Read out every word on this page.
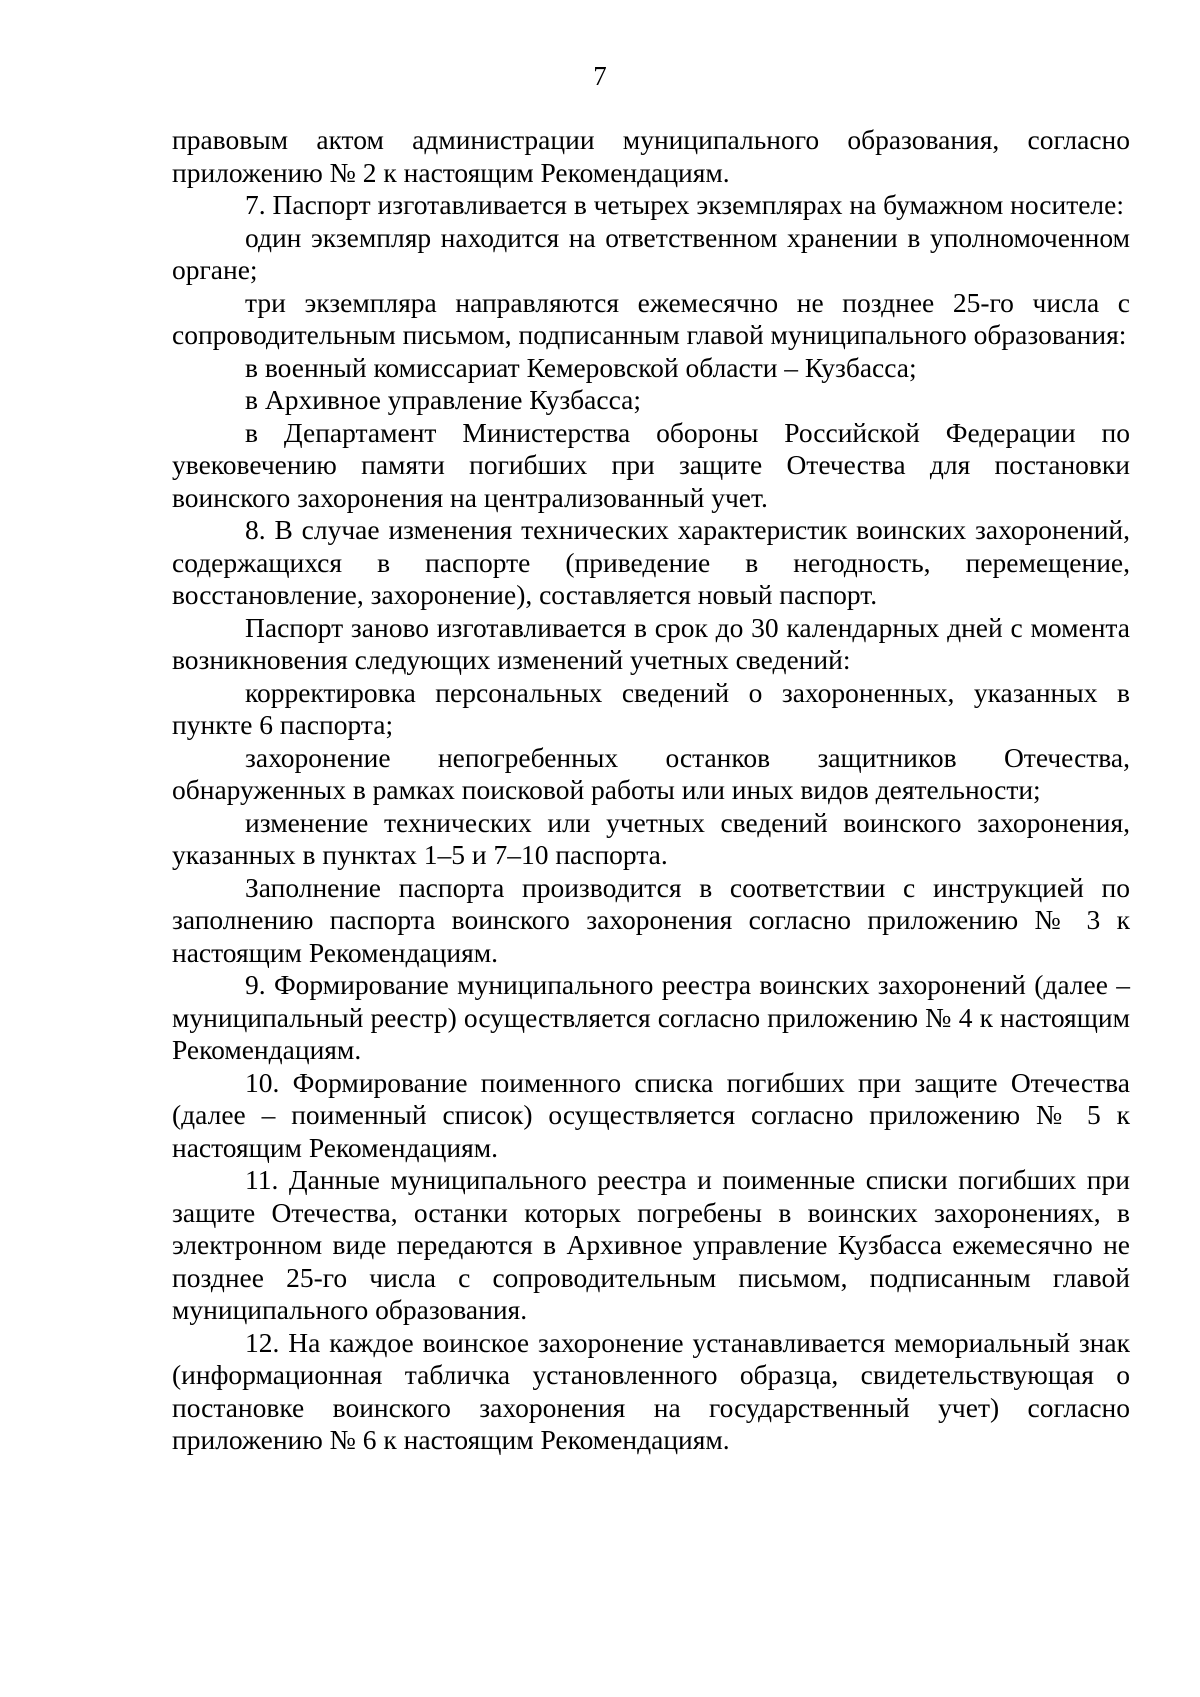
7

правовым актом администрации муниципального образования, согласно приложению № 2 к настоящим Рекомендациям.

7. Паспорт изготавливается в четырех экземплярах на бумажном носителе:

один экземпляр находится на ответственном хранении в уполномоченном органе;

три экземпляра направляются ежемесячно не позднее 25-го числа с сопроводительным письмом, подписанным главой муниципального образования:

в военный комиссариат Кемеровской области – Кузбасса;

в Архивное управление Кузбасса;

в Департамент Министерства обороны Российской Федерации по увековечению памяти погибших при защите Отечества для постановки воинского захоронения на централизованный учет.

8. В случае изменения технических характеристик воинских захоронений, содержащихся в паспорте (приведение в негодность, перемещение, восстановление, захоронение), составляется новый паспорт.

Паспорт заново изготавливается в срок до 30 календарных дней с момента возникновения следующих изменений учетных сведений:

корректировка персональных сведений о захороненных, указанных в пункте 6 паспорта;

захоронение непогребенных останков защитников Отечества, обнаруженных в рамках поисковой работы или иных видов деятельности;

изменение технических или учетных сведений воинского захоронения, указанных в пунктах 1–5 и 7–10 паспорта.

Заполнение паспорта производится в соответствии с инструкцией по заполнению паспорта воинского захоронения согласно приложению № 3 к настоящим Рекомендациям.

9. Формирование муниципального реестра воинских захоронений (далее – муниципальный реестр) осуществляется согласно приложению № 4 к настоящим Рекомендациям.

10. Формирование поименного списка погибших при защите Отечества (далее – поименный список) осуществляется согласно приложению № 5 к настоящим Рекомендациям.

11. Данные муниципального реестра и поименные списки погибших при защите Отечества, останки которых погребены в воинских захоронениях, в электронном виде передаются в Архивное управление Кузбасса ежемесячно не позднее 25-го числа с сопроводительным письмом, подписанным главой муниципального образования.

12. На каждое воинское захоронение устанавливается мемориальный знак (информационная табличка установленного образца, свидетельствующая о постановке воинского захоронения на государственный учет) согласно приложению № 6 к настоящим Рекомендациям.
